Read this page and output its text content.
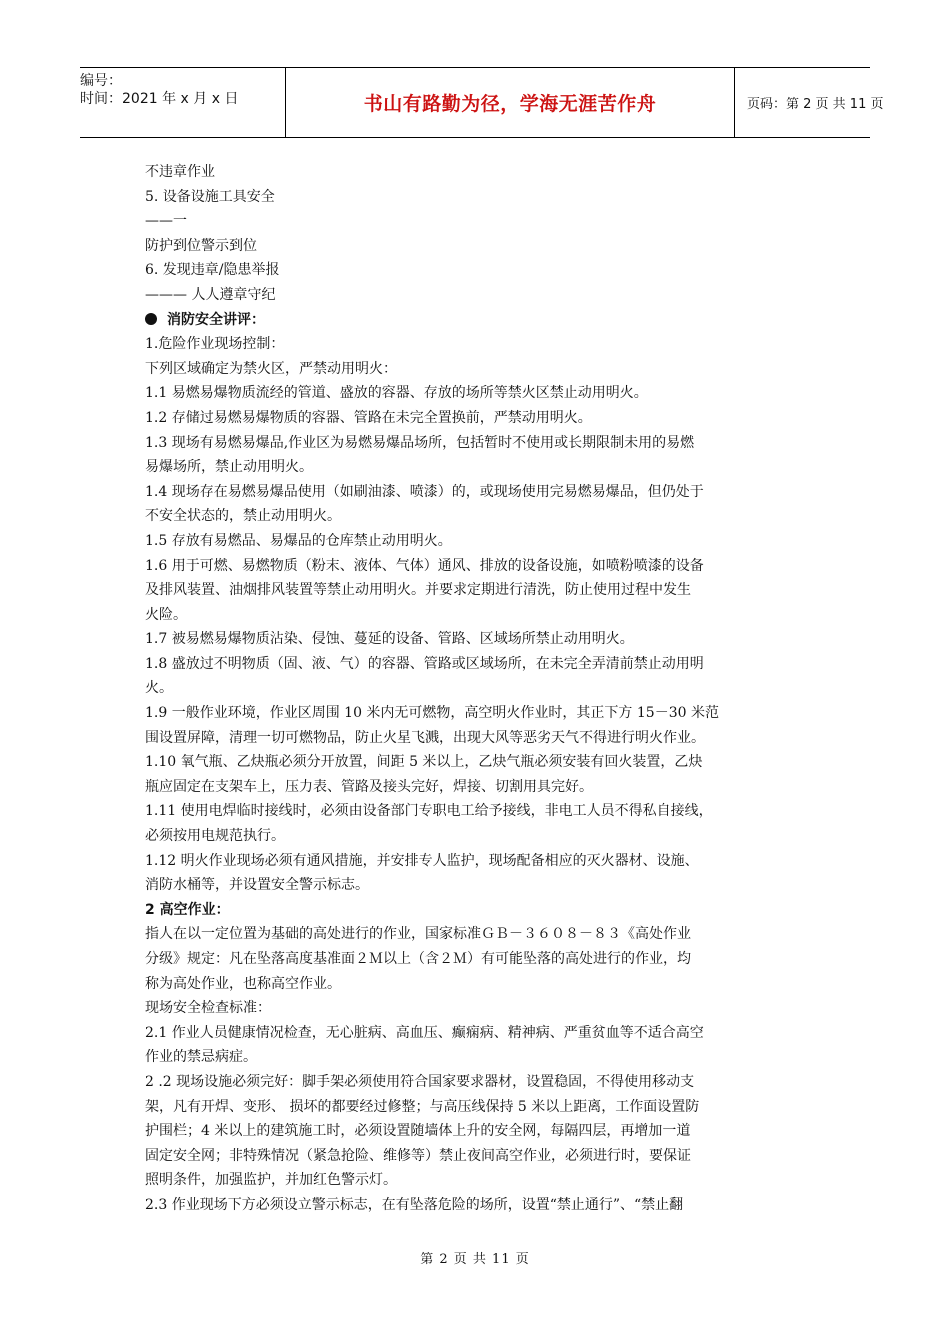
编号：
时间：2021 年 x 月 x 日	书山有路勤为径，学海无涯苦作舟	页码：第 2 页 共 11 页
不违章作业
5. 设备设施工具安全
——一
防护到位警示到位
6. 发现违章/隐患举报
——— 人人遵章守纪
消防安全讲评：
1.危险作业现场控制：
下列区域确定为禁火区，严禁动用明火：
1.1 易燃易爆物质流经的管道、盛放的容器、存放的场所等禁火区禁止动用明火。
1.2 存储过易燃易爆物质的容器、管路在未完全置换前，严禁动用明火。
1.3 现场有易燃易爆品,作业区为易燃易爆品场所，包括暂时不使用或长期限制未用的易燃
易爆场所，禁止动用明火。
1.4 现场存在易燃易爆品使用（如刷油漆、喷漆）的，或现场使用完易燃易爆品，但仍处于
不安全状态的，禁止动用明火。
1.5 存放有易燃品、易爆品的仓库禁止动用明火。
1.6 用于可燃、易燃物质（粉末、液体、气体）通风、排放的设备设施，如喷粉喷漆的设备
及排风装置、油烟排风装置等禁止动用明火。并要求定期进行清洗，防止使用过程中发生
火险。
1.7 被易燃易爆物质沾染、侵蚀、蔓延的设备、管路、区域场所禁止动用明火。
1.8 盛放过不明物质（固、液、气）的容器、管路或区域场所，在未完全弄清前禁止动用明
火。
1.9 一般作业环境，作业区周围 10 米内无可燃物，高空明火作业时，其正下方 15－30 米范
围设置屏障，清理一切可燃物品，防止火星飞溅，出现大风等恶劣天气不得进行明火作业。
1.10 氧气瓶、乙炔瓶必须分开放置，间距 5 米以上，乙炔气瓶必须安装有回火装置，乙炔
瓶应固定在支架车上，压力表、管路及接头完好，焊接、切割用具完好。
1.11 使用电焊临时接线时，必须由设备部门专职电工给予接线，非电工人员不得私自接线，
必须按用电规范执行。
1.12 明火作业现场必须有通风措施，并安排专人监护，现场配备相应的灭火器材、设施、
消防水桶等，并设置安全警示标志。
2 高空作业：
指人在以一定位置为基础的高处进行的作业，国家标准ＧＢ－３６０８－８３《高处作业
分级》规定：凡在坠落高度基准面２Ｍ以上（含２Ｍ）有可能坠落的高处进行的作业，均
称为高处作业，也称高空作业。
现场安全检查标准：
2.1 作业人员健康情况检查，无心脏病、高血压、癫痫病、精神病、严重贫血等不适合高空
作业的禁忌病症。
2 .2 现场设施必须完好：脚手架必须使用符合国家要求器材，设置稳固，不得使用移动支
架，凡有开焊、变形、 损坏的都要经过修整；与高压线保持 5 米以上距离，工作面设置防
护围栏；4 米以上的建筑施工时，必须设置随墙体上升的安全网，每隔四层，再增加一道
固定安全网；非特殊情况（紧急抢险、维修等）禁止夜间高空作业，必须进行时，要保证
照明条件，加强监护，并加红色警示灯。
2.3 作业现场下方必须设立警示标志，在有坠落危险的场所，设置“禁止通行”、“禁止翻
第 2 页 共 11 页
